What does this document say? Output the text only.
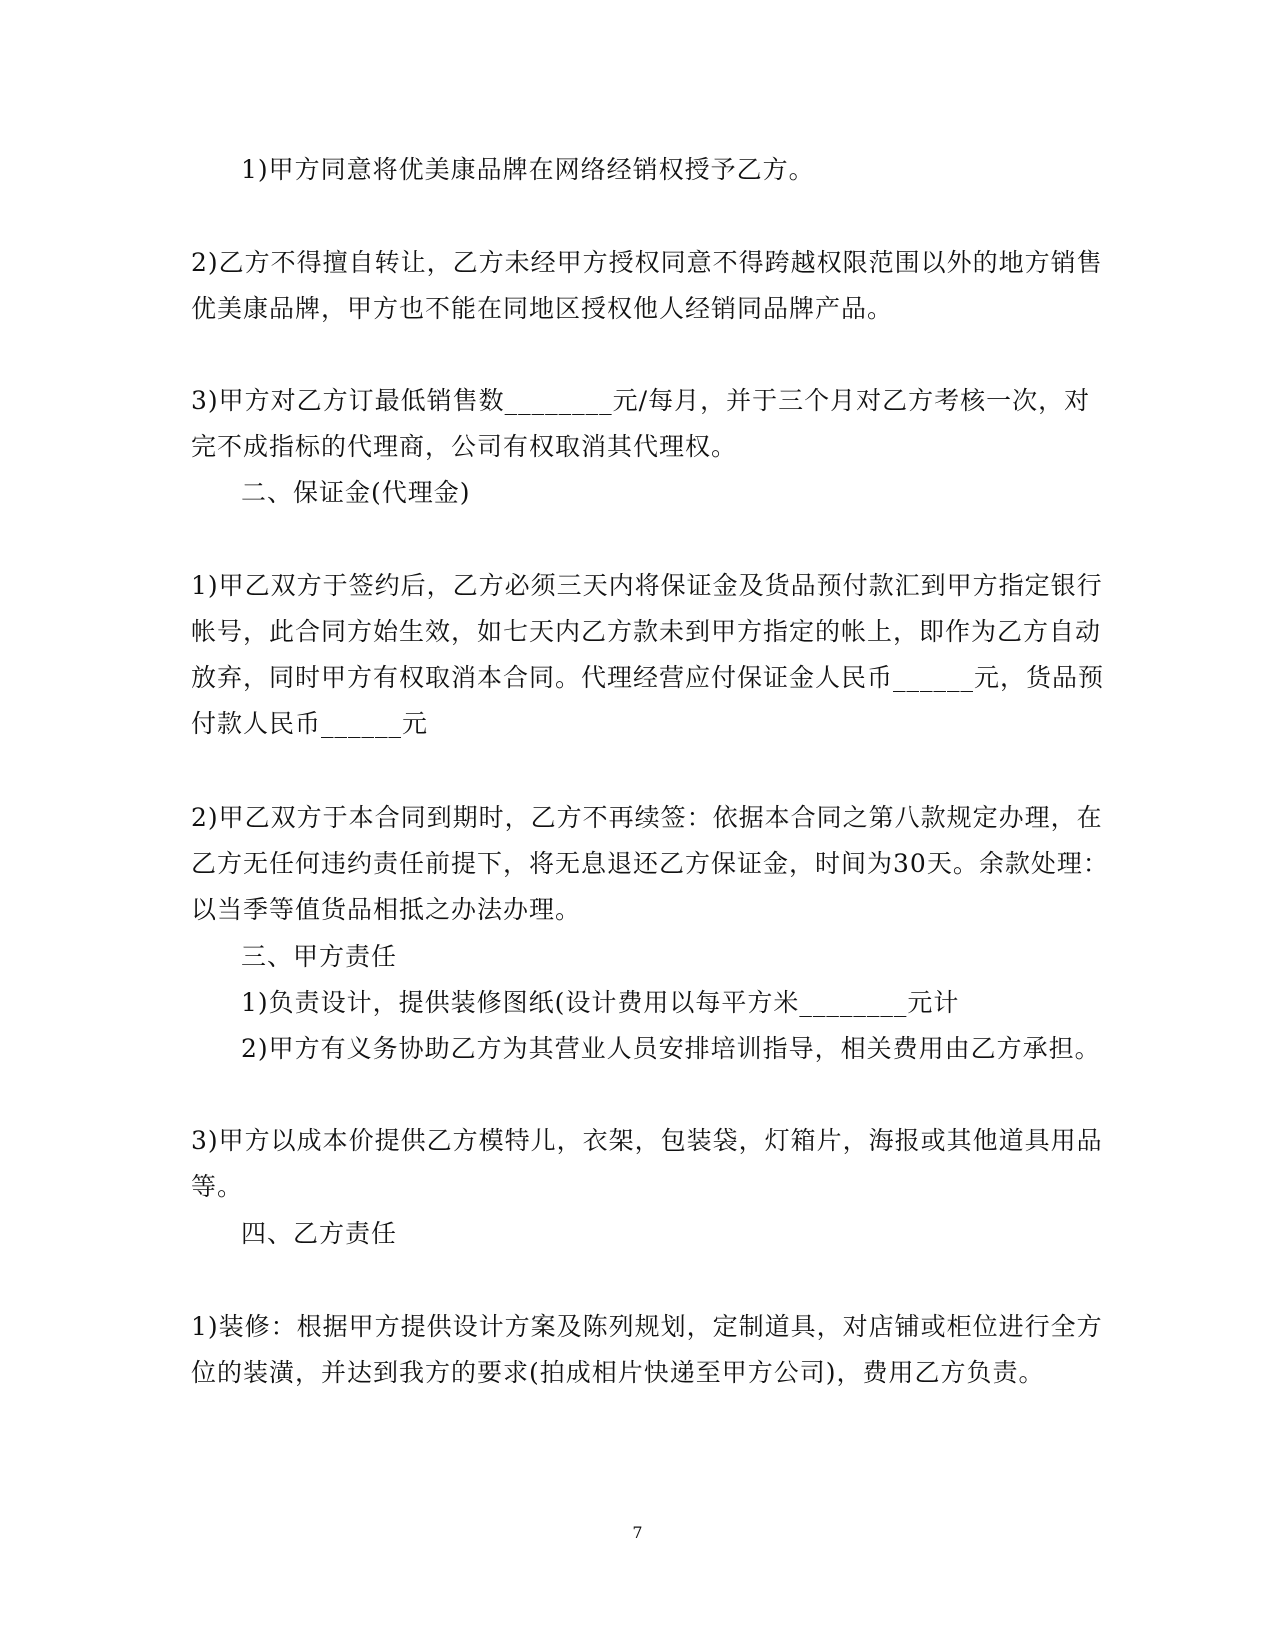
1)甲方同意将优美康品牌在网络经销权授予乙方。
2)乙方不得擅自转让，乙方未经甲方授权同意不得跨越权限范围以外的地方销售
优美康品牌，甲方也不能在同地区授权他人经销同品牌产品。
3)甲方对乙方订最低销售数________元/每月，并于三个月对乙方考核一次，对
完不成指标的代理商，公司有权取消其代理权。
二、保证金(代理金)
1)甲乙双方于签约后，乙方必须三天内将保证金及货品预付款汇到甲方指定银行
帐号，此合同方始生效，如七天内乙方款未到甲方指定的帐上，即作为乙方自动
放弃，同时甲方有权取消本合同。代理经营应付保证金人民币______元，货品预
付款人民币______元
2)甲乙双方于本合同到期时，乙方不再续签：依据本合同之第八款规定办理，在
乙方无任何违约责任前提下，将无息退还乙方保证金，时间为30天。余款处理：
以当季等值货品相抵之办法办理。
三、甲方责任
1)负责设计，提供装修图纸(设计费用以每平方米________元计
2)甲方有义务协助乙方为其营业人员安排培训指导，相关费用由乙方承担。
3)甲方以成本价提供乙方模特儿，衣架，包装袋，灯箱片，海报或其他道具用品
等。
四、乙方责任
1)装修：根据甲方提供设计方案及陈列规划，定制道具，对店铺或柜位进行全方
位的装潢，并达到我方的要求(拍成相片快递至甲方公司)，费用乙方负责。
7
